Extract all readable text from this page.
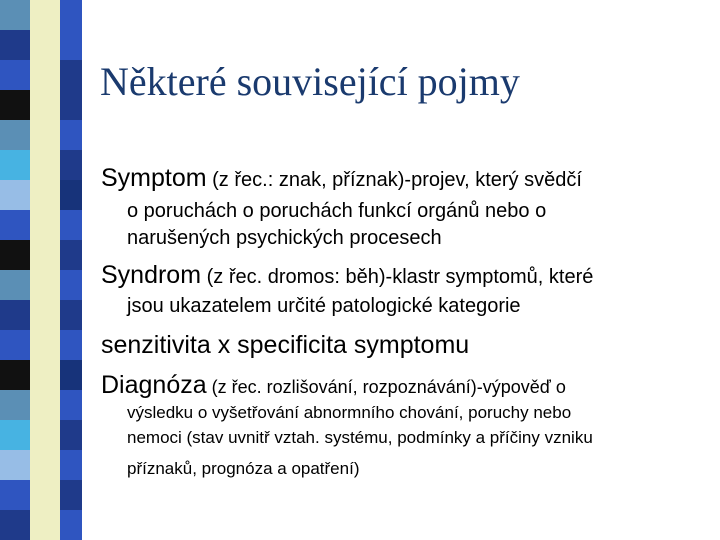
Některé související pojmy
Symptom (z řec.: znak, příznak)-projev, který svědčí
o poruchách o poruchách funkcí orgánů nebo o
narušených psychických procesech
Syndrom (z řec. dromos: běh)-klastr symptomů, které
jsou ukazatelem určité patologické kategorie
senzitivita x specificita symptomu
Diagnóza (z řec. rozlišování, rozpoznávání)-výpověď o
výsledku o vyšetřování abnormního chování, poruchy nebo
nemoci (stav uvnitř vztah. systému, podmínky a příčiny vzniku
příznaků, prognóza a opatření)
